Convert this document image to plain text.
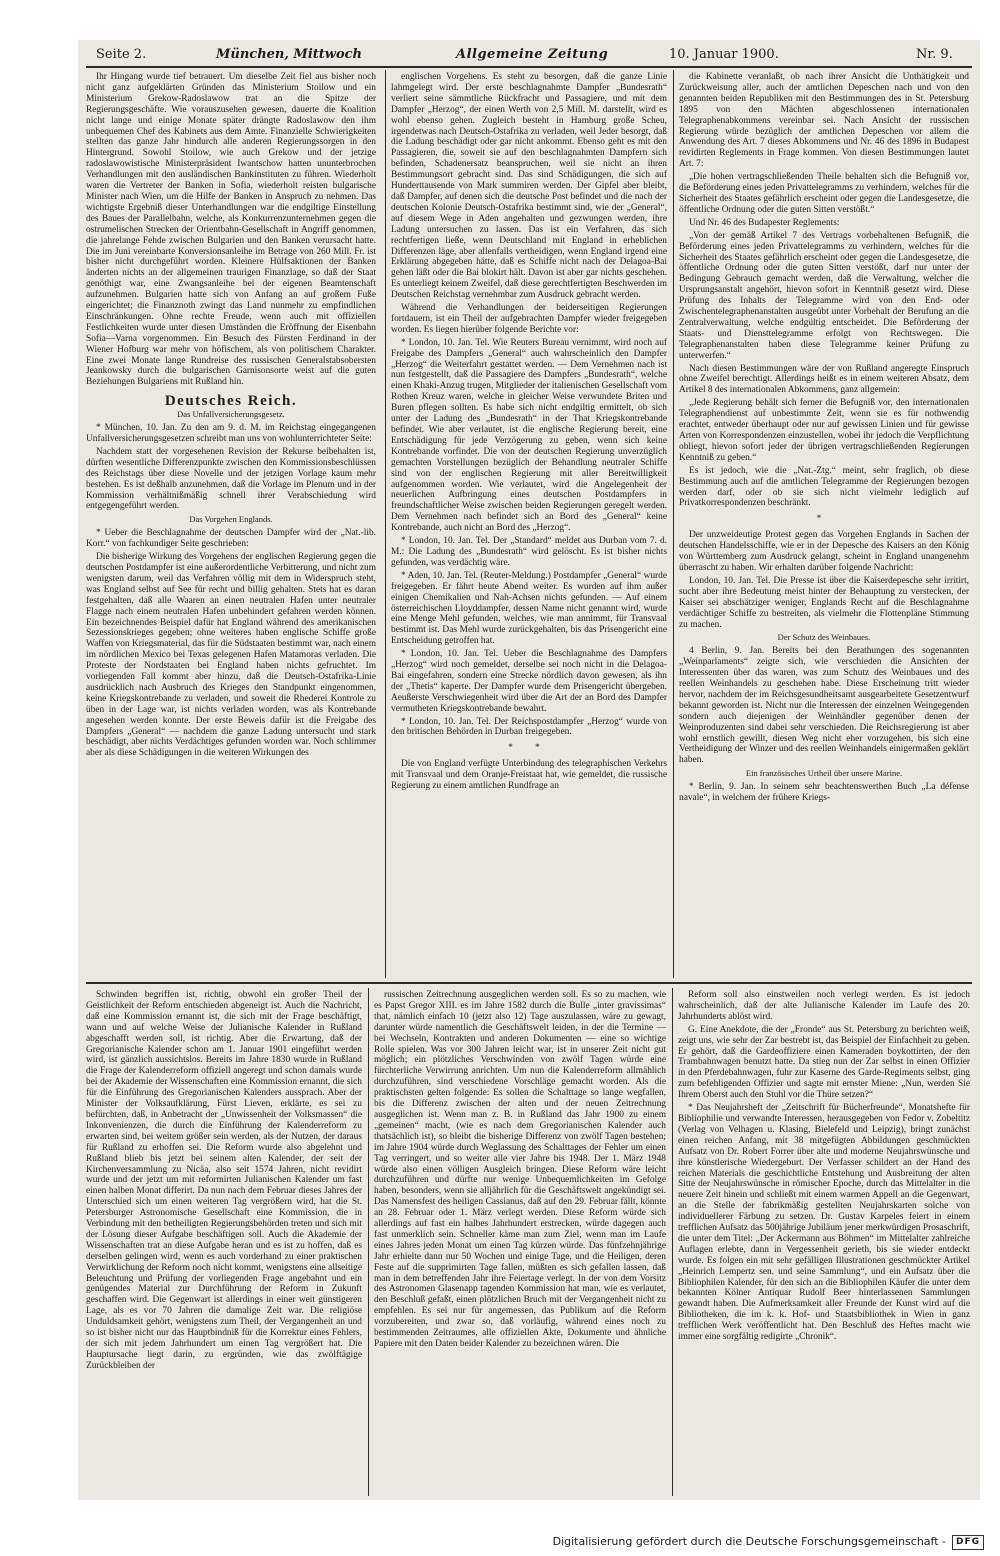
Seite 2.	München, Mittwoch	Allgemeine Zeitung	10. Januar 1900.	Nr. 9.

Ihr Hingang wurde tief betrauert. Um dieselbe Zeit fiel aus bisher noch nicht ganz aufgeklärten Gründen das Ministerium Stoilow und ein Ministerium Grekow-Radoslawow trat an die Spitze der Regierungsgeschäfte. Wie vorauszusehen gewesen, dauerte die Koalition nicht lange und einige Monate später drängte Radoslawow den ihm unbequemen Chef des Kabinets aus dem Amte. Finanzielle Schwierigkeiten stellten das ganze Jahr hindurch alle anderen Regierungssorgen in den Hintergrund. Sowohl Stoilow, wie auch Grekow und der jetzige radoslawowistische Ministerpräsident Iwantschow hatten ununterbrochen Verhandlungen mit den ausländischen Bankinstituten zu führen. Wiederholt waren die Vertreter der Banken in Sofia, wiederholt reisten bulgarische Minister nach Wien, um die Hilfe der Banken in Anspruch zu nehmen. Das wichtigste Ergebniß dieser Unterhandlungen war die endgiltige Einstellung des Baues der Parallelbahn, welche, als Konkurrenzunternehmen gegen die ostrumelischen Strecken der Orientbahn-Gesellschaft in Angriff genommen, die jahrelange Fehde zwischen Bulgarien und den Banken verursacht hatte. Die im Juni vereinbarte Konversionsanleihe im Betrage von 260 Mill. Fr. ist bisher nicht durchgeführt worden. Kleinere Hülfsaktionen der Banken änderten nichts an der allgemeinen traurigen Finanzlage, so daß der Staat genöthigt war, eine Zwangsanleihe bei der eigenen Beamtenschaft aufzunehmen. Bulgarien hatte sich von Anfang an auf großem Fuße eingerichtet; die Finanznoth zwingt das Land nunmehr zu empfindlichen Einschränkungen. Ohne rechte Freude, wenn auch mit offiziellen Festlichkeiten wurde unter diesen Umständen die Eröffnung der Eisenbahn Sofia—Varna vorgenommen. Ein Besuch des Fürsten Ferdinand in der Wiener Hofburg war mehr von höfischem, als von politischem Charakter. Eine zwei Monate lange Rundreise des russischen Generalstabsobersten Jeankowsky durch die bulgarischen Garnisonsorte weist auf die guten Beziehungen Bulgariens mit Rußland hin.

Deutsches Reich.
Das Unfallversicherungsgesetz.

* München, 10. Jan. Zu den am 9. d. M. im Reichstag eingegangenen Unfallversicherungsgesetzen schreibt man uns von wohlunterrichteter Seite:

Nachdem statt der vorgesehenen Revision der Rekurse beibehalten ist, dürften wesentliche Differenzpunkte zwischen den Kommissionsbeschlüssen des Reichstags über diese Novelle und der jetzigen Vorlage kaum mehr bestehen. Es ist deßhalb anzunehmen, daß die Vorlage im Plenum und in der Kommission verhältnißmäßig schnell ihrer Verabschiedung wird entgegengeführt werden.

Das Vorgehen Englands.

* Ueber die Beschlagnahme der deutschen Dampfer wird der „Nat.-lib. Korr.“ von fachkundiger Seite geschrieben:

Die bisherige Wirkung des Vorgehens der englischen Regierung gegen die deutschen Postdampfer ist eine außerordentliche Verbitterung, und nicht zum wenigsten darum, weil das Verfahren völlig mit dem in Widerspruch steht, was England selbst auf See für recht und billig gehalten. Stets hat es daran festgehalten, daß alle Waaren an einen neutralen Hafen unter neutraler Flagge nach einem neutralen Hafen unbehindert gefahren werden können. Ein bezeichnendes Beispiel dafür hat England während des amerikanischen Sezessionskrieges gegeben; ohne weiteres haben englische Schiffe große Waffen von Kriegsmaterial, das für die Südstaaten bestimmt war, nach einem im nördlichen Mexico bei Texas gelegenen Hafen Matamoras verladen. Die Proteste der Nordstaaten bei England haben nichts gefruchtet. Im vorliegenden Fall kommt aber hinzu, daß die Deutsch-Ostafrika-Linie ausdrücklich nach Ausbruch des Krieges den Standpunkt eingenommen, keine Kriegskontrebande zu verladen, und soweit die Rhederei Kontrole zu üben in der Lage war, ist nichts verladen worden, was als Kontrebande angesehen werden konnte. Der erste Beweis dafür ist die Freigabe des Dampfers „General“ — nachdem die ganze Ladung untersucht und stark beschädigt, aber nichts Verdächtiges gefunden worden war. Noch schlimmer aber als diese Schädigungen in die weiteren Wirkungen des

englischen Vorgehens. Es steht zu besorgen, daß die ganze Linie lahmgelegt wird. Der erste beschlagnahmte Dampfer „Bundesrath“ verliert seine sämmtliche Rückfracht und Passagiere, und mit dem Dampfer „Herzog“, der einen Werth von 2,5 Mill. M. darstellt, wird es wohl ebenso gehen. Zugleich besteht in Hamburg große Scheu, irgendetwas nach Deutsch-Ostafrika zu verladen, weil Jeder besorgt, daß die Ladung beschädigt oder gar nicht ankommt. Ebenso geht es mit den Passagieren, die, soweit sie auf den beschlagnahmten Dampfern sich befinden, Schadenersatz beanspruchen, weil sie nicht an ihren Bestimmungsort gebracht sind. Das sind Schädigungen, die sich auf Hunderttausende von Mark summiren werden. Der Gipfel aber bleibt, daß Dampfer, auf denen sich die deutsche Post befindet und die nach der deutschen Kolonie Deutsch-Ostafrika bestimmt sind, wie der „General“, auf diesem Wege in Aden angehalten und gezwungen werden, ihre Ladung untersuchen zu lassen. Das ist ein Verfahren, das sich rechtfertigen ließe, wenn Deutschland mit England in erheblichen Differenzen läge, aber allenfalls vertheidigen, wenn England irgend eine Erklärung abgegeben hätte, daß es Schiffe nicht nach der Delagoa-Bai gehen läßt oder die Bai blokirt hält. Davon ist aber gar nichts geschehen. Es unterliegt keinem Zweifel, daß diese gerechtfertigten Beschwerden im Deutschen Reichstag vernehmbar zum Ausdruck gebracht werden.

Während die Verhandlungen der beiderseitigen Regierungen fortdauern, ist ein Theil der aufgebrachten Dampfer wieder freigegeben worden. Es liegen hierüber folgende Berichte vor:

* London, 10. Jan. Tel. Wie Reuters Bureau vernimmt, wird noch auf Freigabe des Dampfers „General“ auch wahrscheinlich den Dampfer „Herzog“ die Weiterfahrt gestattet werden. — Dem Vernehmen nach ist nun festgestellt, daß die Passagiere des Dampfers „Bundesrath“, welche einen Khaki-Anzug trugen, Mitglieder der italienischen Gesellschaft vom Rothen Kreuz waren, welche in gleicher Weise verwundete Briten und Buren pflegen sollten. Es habe sich nicht endgiltig ermittelt, ob sich unter der Ladung des „Bundesrath“ in der That Kriegskontrebande befindet. Wie aber verlautet, ist die englische Regierung bereit, eine Entschädigung für jede Verzögerung zu geben, wenn sich keine Kontrebande vorfindet. Die von der deutschen Regierung unverzüglich gemachten Vorstellungen bezüglich der Behandlung neutraler Schiffe sind von der englischen Regierung mit aller Bereitwilligkeit aufgenommen worden. Wie verlautet, wird die Angelegenheit der neuerlichen Aufbringung eines deutschen Postdampfers in freundschaftlicher Weise zwischen beiden Regierungen geregelt werden. Dem Vernehmen nach befindet sich an Bord des „General“ keine Kontrebande, auch nicht an Bord des „Herzog“.

* London, 10. Jan. Tel. Der „Standard“ meldet aus Durban vom 7. d. M.: Die Ladung des „Bundesrath“ wird gelöscht. Es ist bisher nichts gefunden, was verdächtig wäre.

* Aden, 10. Jan. Tel. (Reuter-Meldung.) Postdampfer „General“ wurde freigegeben. Er fährt heute Abend weiter. Es wurden auf ihm außer einigen Chemikalien und Nah-Achsen nichts gefunden. — Auf einem österreichischen Lloyddampfer, dessen Name nicht genannt wird, wurde eine Menge Mehl gefunden, welches, wie man annimmt, für Transvaal bestimmt ist. Das Mehl wurde zurückgehalten, bis das Prisengericht eine Entscheidung getroffen hat.

* London, 10. Jan. Tel. Ueber die Beschlagnahme des Dampfers „Herzog“ wird noch gemeldet, derselbe sei noch nicht in die Delagoa-Bai eingefahren, sondern eine Strecke nördlich davon gewesen, als ihn der „Thetis“ kaperte. Der Dampfer wurde dem Prisengericht übergeben. Aeußerste Verschwiegenheit wird über die Art der an Bord des Dampfer vermutheten Kriegskontrebande bewahrt.

* London, 10. Jan. Tel. Der Reichspostdampfer „Herzog“ wurde von den britischen Behörden in Durban freigegeben.

* *

Die von England verfügte Unterbindung des telegraphischen Verkehrs mit Transvaal und dem Oranje-Freistaat hat, wie gemeldet, die russische Regierung zu einem amtlichen Rundfrage an

die Kabinette veranlaßt, ob nach ihrer Ansicht die Unthätigkeit und Zurückweisung aller, auch der amtlichen Depeschen nach und von den genannten beiden Republiken mit den Bestimmungen des in St. Petersburg 1895 von den Mächten abgeschlossenen internationalen Telegraphenabkommens vereinbar sei. Nach Ansicht der russischen Regierung würde bezüglich der amtlichen Depeschen vor allem die Anwendung des Art. 7 dieses Abkommens und Nr. 46 des 1896 in Budapest revidirten Reglements in Frage kommen. Von diesen Bestimmungen lautet Art. 7:

„Die hohen vertragschließenden Theile behalten sich die Befugniß vor, die Beförderung eines jeden Privattelegramms zu verhindern, welches für die Sicherheit des Staates gefährlich erscheint oder gegen die Landesgesetze, die öffentliche Ordnung oder die guten Sitten verstößt.“

Und Nr. 46 des Budapester Reglements:

„Von der gemäß Artikel 7 des Vertrags vorbehaltenen Befugniß, die Beförderung eines jeden Privattelegramms zu verhindern, welches für die Sicherheit des Staates gefährlich erscheint oder gegen die Landesgesetze, die öffentliche Ordnung oder die guten Sitten verstößt, darf nur unter der Bedingung Gebrauch gemacht werden, daß die Verwaltung, welcher die Ursprungsanstalt angehört, hievon sofort in Kenntniß gesetzt wird. Diese Prüfung des Inhalts der Telegramme wird von den End- oder Zwischentelegraphenanstalten ausgeübt unter Vorbehalt der Berufung an die Zentralverwaltung, welche endgültig entscheidet. Die Beförderung der Staats- und Diensttelegramme erfolgt von Rechtswegen. Die Telegraphenanstalten haben diese Telegramme keiner Prüfung zu unterwerfen.“

Nach diesen Bestimmungen wäre der von Rußland angeregte Einspruch ohne Zweifel berechtigt. Allerdings heißt es in einem weiteren Absatz, dem Artikel 8 des internationalen Abkommens, ganz allgemein:

„Jede Regierung behält sich ferner die Befugniß vor, den internationalen Telegraphendienst auf unbestimmte Zeit, wenn sie es für nothwendig erachtet, entweder überhaupt oder nur auf gewissen Linien und für gewisse Arten von Korrespondenzen einzustellen, wobei ihr jedoch die Verpflichtung obliegt, hievon sofort jeder der übrigen vertragschließenden Regierungen Kenntniß zu geben.“

Es ist jedoch, wie die „Nat.-Ztg.“ meint, sehr fraglich, ob diese Bestimmung auch auf die amtlichen Telegramme der Regierungen bezogen werden darf, oder ob sie sich nicht vielmehr lediglich auf Privatkorrespondenzen beschränkt.

*

Der unzweideutige Protest gegen das Vorgehen Englands in Sachen der deutschen Handelsschiffe, wie er in der Depesche des Kaisers an den König von Württemberg zum Ausdruck gelangt, scheint in England unangenehm überrascht zu haben. Wir erhalten darüber folgende Nachricht:

London, 10. Jan. Tel. Die Presse ist über die Kaiserdepesche sehr irritirt, sucht aber ihre Bedeutung meist hinter der Behauptung zu verstecken, der Kaiser sei abschätziger weniger, Englands Recht auf die Beschlagnahme verdächtiger Schiffe zu bestreiten, als vielmehr die Flottenpläne Stimmung zu machen.

Der Schutz des Weinbaues.

4 Berlin, 9. Jan. Bereits bei den Berathungen des sogenannten „Weinparlaments“ zeigte sich, wie verschieden die Ansichten der Interessenten über das waren, was zum Schutz des Weinbaues und des reellen Weinhandels zu geschehen habe. Diese Erscheinung tritt wieder hervor, nachdem der im Reichsgesundheitsamt ausgearbeitete Gesetzentwurf bekannt geworden ist. Nicht nur die Interessen der einzelnen Weingegenden sondern auch diejenigen der Weinhändler gegenüber denen der Weinproduzenten sind dabei sehr verschieden. Die Reichsregierung ist aber wohl ernstlich gewillt, diesen Weg nicht eher vorzugehen, bis sich eine Vertheidigung der Winzer und des reellen Weinhandels einigermaßen geklärt haben.

Ein französisches Urtheil über unsere Marine.

* Berlin, 9. Jan. In seinem sehr beachtenswerthen Buch „La défense navale“, in welchem der frühere Kriegs-

Schwinden begriffen ist, richtig, obwohl ein großer Theil der Geistlichkeit der Reform entschieden abgeneigt ist. Auch die Nachricht, daß eine Kommission ernannt ist, die sich mit der Frage beschäftigt, wann und auf welche Weise der Julianische Kalender in Rußland abgeschafft werden soll, ist richtig. Aber die Erwartung, daß der Gregorianische Kalender schon am 1. Januar 1901 eingeführt werden wird, ist gänzlich aussichtslos. Bereits im Jahre 1830 wurde in Rußland die Frage der Kalenderreform offiziell angeregt und schon damals wurde bei der Akademie der Wissenschaften eine Kommission ernannt, die sich für die Einführung des Gregorianischen Kalenders aussprach. Aber der Minister der Volksaufklärung, Fürst Lieven, erklärte, es sei zu befürchten, daß, in Anbetracht der „Unwissenheit der Volksmassen“ die Inkonvenienzen, die durch die Einführung der Kalenderreform zu erwarten sind, bei weitem größer sein werden, als der Nutzen, der daraus für Rußland zu erhoffen sei. Die Reform wurde also abgelehnt und Rußland blieb bis jetzt bei seinem alten Kalender, der seit der Kirchenversammlung zu Nicäa, also seit 1574 Jahren, nicht revidirt wurde und der jetzt um mit reformirten Julianischen Kalender um fast einen halben Monat differirt. Da nun nach dem Februar dieses Jahres der Unterschied sich um einen weiteren Tag vergrößern wird, hat die St. Petersburger Astronomische Gesellschaft eine Kommission, die in Verbindung mit den betheiligten Regierungsbehörden treten und sich mit der Lösung dieser Aufgabe beschäftigen soll. Auch die Akademie der Wissenschaften trat an diese Aufgabe heran und es ist zu hoffen, daß es derselben gelingen wird, wenn es auch vorderhand zu einer praktischen Verwirklichung der Reform noch nicht kommt, wenigstens eine allseitige Beleuchtung und Prüfung der vorliegenden Frage angebahnt und ein genügendes Material zur Durchführung der Reform in Zukunft geschaffen wird. Die Gegenwart ist allerdings in einer weit günstigeren Lage, als es vor 70 Jahren die damalige Zeit war. Die religiöse Unduldsamkeit gehört, wenigstens zum Theil, der Vergangenheit an und so ist bisher nicht nur das Hauptbindniß für die Korrektur eines Fehlers, der sich mit jedem Jahrhundert um einen Tag vergrößert hat. Die Hauptursache liegt darin, zu ergründen, wie das zwölftägige Zurückbleiben der

russischen Zeitrechnung ausgeglichen werden soll. Es so zu machen, wie es Papst Gregor XIII. es im Jahre 1582 durch die Bulle „inter gravissimas“ that, nämlich einfach 10 (jetzt also 12) Tage auszulassen, wäre zu gewagt, darunter würde namentlich die Geschäftswelt leiden, in der die Termine — bei Wechseln, Kontrakten und anderen Dokumenten — eine so wichtige Rolle spielen. Was vor 300 Jahren leicht war, ist in unserer Zeit nicht gut möglich; ein plötzliches Verschwinden von zwölf Tagen würde eine fürchterliche Verwirrung anrichten. Um nun die Kalenderreform allmählich durchzuführen, sind verschiedene Vorschläge gemacht worden. Als die praktischsten gelten folgende: Es sollen die Schalttage so lange wegfallen, bis die Differenz zwischen der alten und der neuen Zeitrechnung ausgeglichen ist. Wenn man z. B. in Rußland das Jahr 1900 zu einem „gemeinen“ macht, (wie es nach dem Gregorianischen Kalender auch thatsächlich ist), so bleibt die bisherige Differenz von zwölf Tagen bestehen; im Jahre 1904 würde durch Weglassung des Schalttages der Fehler um einen Tag verringert, und so weiter alle vier Jahre bis 1948. Der 1. März 1948 würde also einen völligen Ausgleich bringen. Diese Reform wäre leicht durchzuführen und dürfte nur wenige Unbequemlichkeiten im Gefolge haben, besonders, wenn sie alljährlich für die Geschäftswelt angekündigt sei. Das Namensfest des heiligen Cassianus, daß auf den 29. Februar fällt, könnte an 28. Februar oder 1. März verlegt werden. Diese Reform würde sich allerdings auf fast ein halbes Jahrhundert erstrecken, würde dagegen auch fast unmerklich sein. Schneller käme man zum Ziel, wenn man im Laufe eines Jahres jeden Monat um einen Tag kürzen würde. Das fünfzehnjährige Jahr erhielte dann nur 50 Wochen und einige Tage, und die Heiligen, deren Feste auf die supprimirten Tage fallen, müßten es sich gefallen lassen, daß man in dem betreffenden Jahr ihre Feiertage verlegt. In der von dem Vorsitz des Astronomen Glasenapp tagenden Kommission hat man, wie es verlautet, den Beschluß gefaßt, einen plötzlichen Bruch mit der Vergangenheit nicht zu empfehlen. Es sei nur für angemessen, das Publikum auf die Reform vorzubereiten, und zwar so, daß vorläufig, während eines noch zu bestimmenden Zeitraumes, alle offiziellen Akte, Dokumente und ähnliche Papiere mit den Daten beider Kalender zu bezeichnen wären. Die

Reform soll also einstweilen noch verlegt werden. Es ist jedoch wahrscheinlich, daß der alte Julianische Kalender im Laufe des 20. Jahrhunderts ablöst wird.

G. Eine Anekdote, die der „Fronde“ aus St. Petersburg zu berichten weiß, zeigt uns, wie sehr der Zar bestrebt ist, das Beispiel der Einfachheit zu geben. Er gehört, daß die Gardeoffiziere einen Kameraden boykottirten, der den Trambahnwagen benutzt hatte. Da stieg nun der Zar selbst in einen Offizier in den Pferdebahnwagen, fuhr zur Kaserne des Garde-Regiments selbst, ging zum befehligenden Offizier und sagte mit ernster Miene: „Nun, werden Sie Ihrem Oberst auch den Stuhl vor die Thüre setzen?“

* Das Neujahrsheft der „Zeitschrift für Bücherfreunde“, Monatshefte für Bibliophilie und verwandte Interessen, herausgegeben von Fedor v. Zobeltitz (Verlag von Velhagen u. Klasing, Bielefeld und Leipzig), bringt zunächst einen reichen Anfang, mit 38 mitgefügten Abbildungen geschmückten Aufsatz von Dr. Robert Forrer über alte und moderne Neujahrswünsche und ihre künstlerische Wiedergeburt. Der Verfasser schildert an der Hand des reichen Materials die geschichtliche Entstehung und Ausbreitung der alten Sitte der Neujahrswünsche in römischer Epoche, durch das Mittelalter in die neuere Zeit hinein und schließt mit einem warmen Appell an die Gegenwart, an die Stelle der fabrikmäßig gestellten Neujahrskarten solche von individuellerer Färbung zu setzen. Dr. Gustav Karpeles feiert in einem trefflichen Aufsatz das 500jährige Jubiläum jener merkwürdigen Prosaschrift, die unter dem Titel: „Der Ackermann aus Böhmen“ im Mittelalter zahlreiche Auflagen erlebte, dann in Vergessenheit gerieth, bis sie wieder entdeckt wurde. Es folgen ein mit sehr gefälligen Illustrationen geschmückter Artikel „Heinrich Lempertz sen. und seine Sammlung“, und ein Aufsatz über die Bibliophilen Kalender, für den sich an die Bibliophilen Käufer die unter dem bekannten Kölner Antiquar Rudolf Beer hinterlassenen Sammlungen gewandt haben. Die Aufmerksamkeit aller Freunde der Kunst wird auf die Bibliotheken, die im k. k. Hof- und Staatsbibliothek in Wien in ganz trefflichen Werk veröffentlicht hat. Den Beschluß des Heftes macht wie immer eine sorgfältig redigirte „Chronik“.

Digitalisierung gefördert durch die Deutsche Forschungsgemeinschaft -	DFG
